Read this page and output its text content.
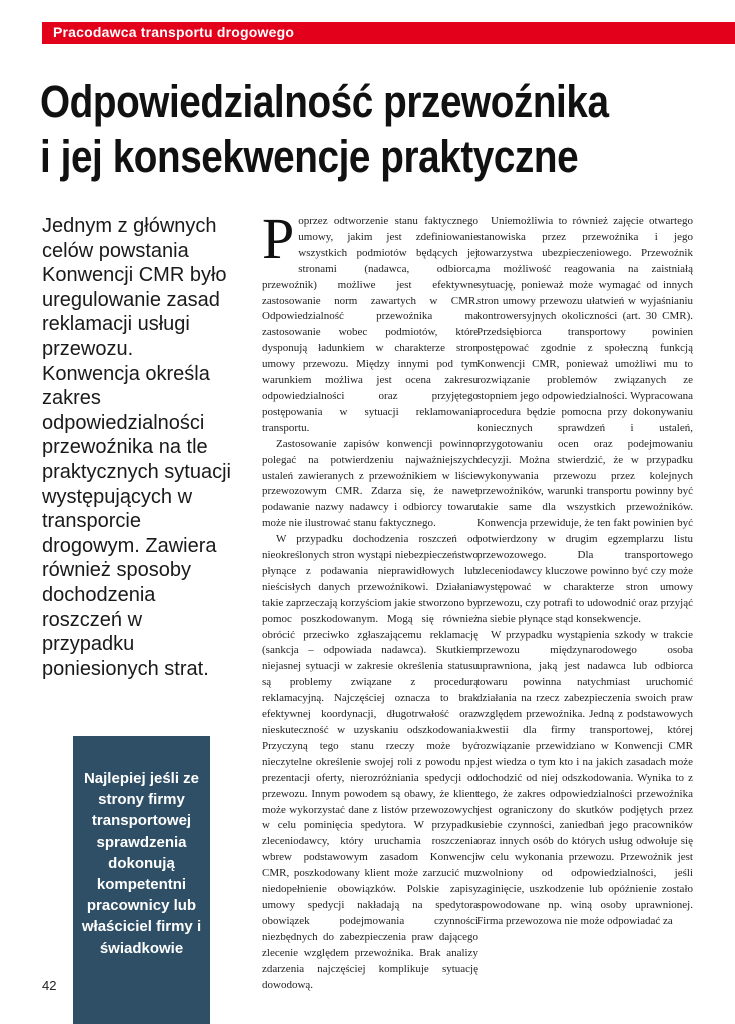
Pracodawca transportu drogowego
Odpowiedzialność przewoźnika
i jej konsekwencje praktyczne
Jednym z głównych celów powstania Konwencji CMR było uregulowanie zasad reklamacji usługi przewozu. Konwencja określa zakres odpowiedzialności przewoźnika na tle praktycznych sytuacji występujących w transporcie drogowym. Zawiera również sposoby dochodzenia roszczeń w przypadku poniesionych strat.

Poprzez odtworzenie stanu faktycznego umowy, jakim jest zdefiniowanie wszystkich podmiotów będących jej stronami (nadawca, odbiorca, przewoźnik) możliwe jest efektywne zastosowanie norm zawartych w CMR. Odpowiedzialność przewoźnika ma zastosowanie wobec podmiotów, które dysponują ładunkiem w charakterze stron umowy przewozu. Między innymi pod tym warunkiem możliwa jest ocena zakresu odpowiedzialności oraz przyjętego postępowania w sytuacji reklamowania transportu.

Zastosowanie zapisów konwencji powinno polegać na potwierdzeniu najważniejszych ustaleń zawieranych z przewoźnikiem w liście przewozowym CMR. Zdarza się, że nawet podawanie nazwy nadawcy i odbiorcy towaru może nie ilustrować stanu faktycznego.

W przypadku dochodzenia roszczeń od nieokreślonych stron wystąpi niebezpieczeństwo płynące z podawania nieprawidłowych lub nieścisłych danych przewoźnikowi. Działania takie zaprzeczają korzyściom jakie stworzono by pomoc poszkodowanym. Mogą się również obrócić przeciwko zgłaszającemu reklamację (sankcja – odpowiada nadawca). Skutkiem niejasnej sytuacji w zakresie określenia statusu są problemy związane z procedurą reklamacyjną. Najczęściej oznacza to brak efektywnej koordynacji, długotrwałość oraz nieskuteczność w uzyskaniu odszkodowania. Przyczyną tego stanu rzeczy może być nieczytelne określenie swojej roli z powodu np. prezentacji oferty, nierozróżniania spedycji od przewozu. Innym powodem są obawy, że klient może wykorzystać dane z listów przewozowych w celu pominięcia spedytora. W przypadku zleceniodawcy, który uruchamia roszczenia wbrew podstawowym zasadom Konwencji CMR, poszkodowany klient może zarzucić mu niedopełnienie obowiązków. Polskie zapisy umowy spedycji nakładają na spedytora obowiązek podejmowania czynności niezbędnych do zabezpieczenia praw dającego zlecenie względem przewoźnika. Brak analizy zdarzenia najczęściej komplikuje sytuację dowodową.

Uniemożliwia to również zajęcie otwartego stanowiska przez przewoźnika i jego towarzystwa ubezpieczeniowego. Przewoźnik ma możliwość reagowania na zaistniałą sytuację, ponieważ może wymagać od innych stron umowy przewozu ułatwień w wyjaśnianiu kontrowersyjnych okoliczności (art. 30 CMR). Przedsiębiorca transportowy powinien postępować zgodnie z społeczną funkcją Konwencji CMR, ponieważ umożliwi mu to rozwiązanie problemów związanych ze stopniem jego odpowiedzialności. Wypracowana procedura będzie pomocna przy dokonywaniu koniecznych sprawdzeń i ustaleń, przygotowaniu ocen oraz podejmowaniu decyzji. Można stwierdzić, że w przypadku wykonywania przewozu przez kolejnych przewoźników, warunki transportu powinny być takie same dla wszystkich przewoźników. Konwencja przewiduje, że ten fakt powinien być potwierdzony w drugim egzemplarzu listu przewozowego. Dla transportowego zleceniodawcy kluczowe powinno być czy może występować w charakterze stron umowy przewozu, czy potrafi to udowodnić oraz przyjąć na siebie płynące stąd konsekwencje.

W przypadku wystąpienia szkody w trakcie przewozu międzynarodowego osoba uprawniona, jaką jest nadawca lub odbiorca towaru powinna natychmiast uruchomić działania na rzecz zabezpieczenia swoich praw względem przewoźnika. Jedną z podstawowych kwestii dla firmy transportowej, której rozwiązanie przewidziano w Konwencji CMR jest wiedza o tym kto i na jakich zasadach może dochodzić od niej odszkodowania. Wynika to z tego, że zakres odpowiedzialności przewoźnika jest ograniczony do skutków podjętych przez siebie czynności, zaniedbań jego pracowników oraz innych osób do których usług odwołuje się w celu wykonania przewozu. Przewoźnik jest zwolniony od odpowiedzialności, jeśli zaginięcie, uszkodzenie lub opóźnienie zostało spowodowane np. winą osoby uprawnionej. Firma przewozowa nie może odpowiadać za

Najlepiej jeśli ze strony firmy transportowej sprawdzenia dokonują kompetentni pracownicy lub właściciel firmy i świadkowie
42
